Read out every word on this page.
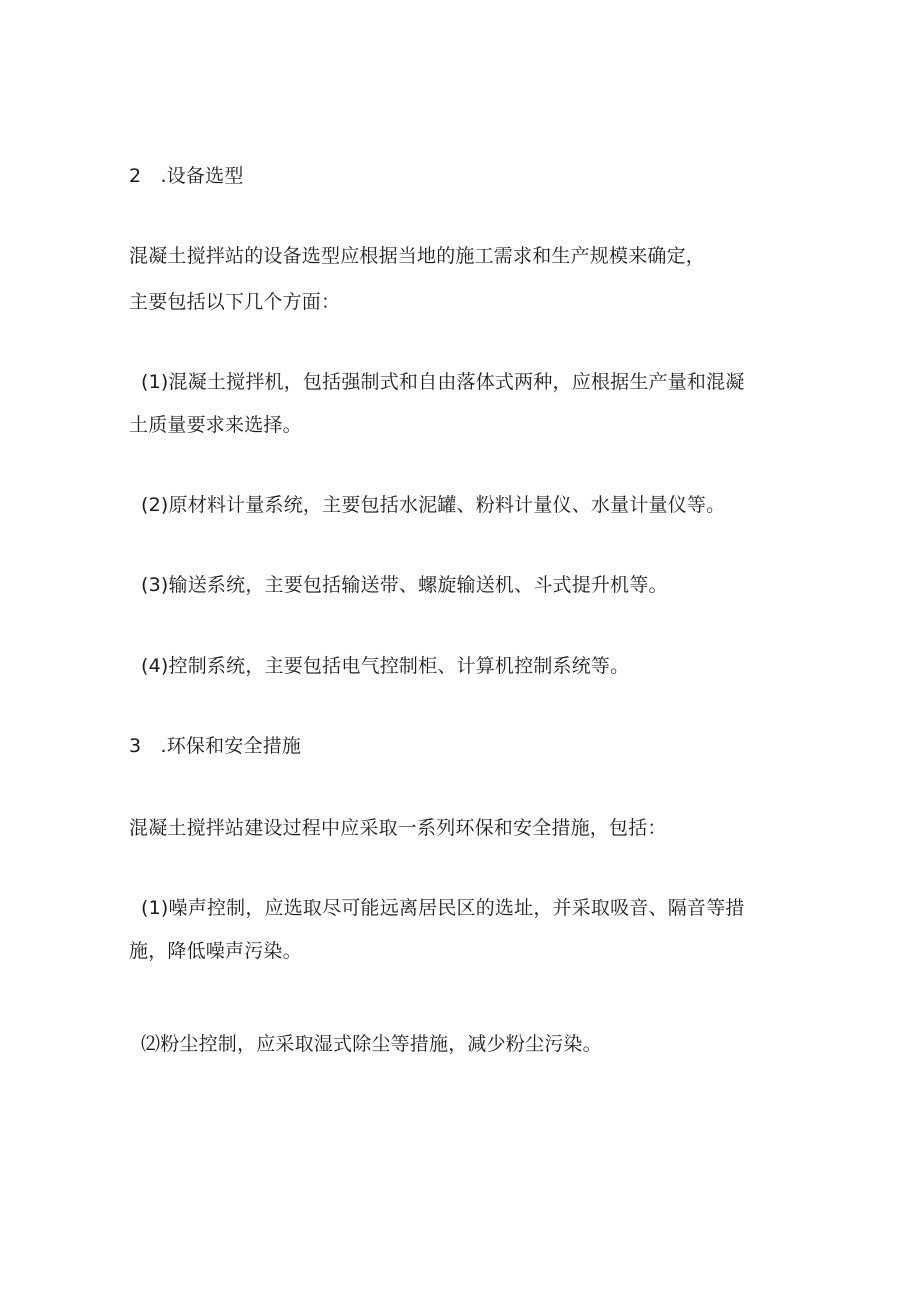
2　.设备选型
混凝土搅拌站的设备选型应根据当地的施工需求和生产规模来确定，
主要包括以下几个方面：
(1)混凝土搅拌机，包括强制式和自由落体式两种，应根据生产量和混凝
土质量要求来选择。
(2)原材料计量系统，主要包括水泥罐、粉料计量仪、水量计量仪等。
(3)输送系统，主要包括输送带、螺旋输送机、斗式提升机等。
(4)控制系统，主要包括电气控制柜、计算机控制系统等。
3　.环保和安全措施
混凝土搅拌站建设过程中应采取一系列环保和安全措施，包括：
(1)噪声控制，应选取尽可能远离居民区的选址，并采取吸音、隔音等措
施，降低噪声污染。
⑵粉尘控制，应采取湿式除尘等措施，减少粉尘污染。
